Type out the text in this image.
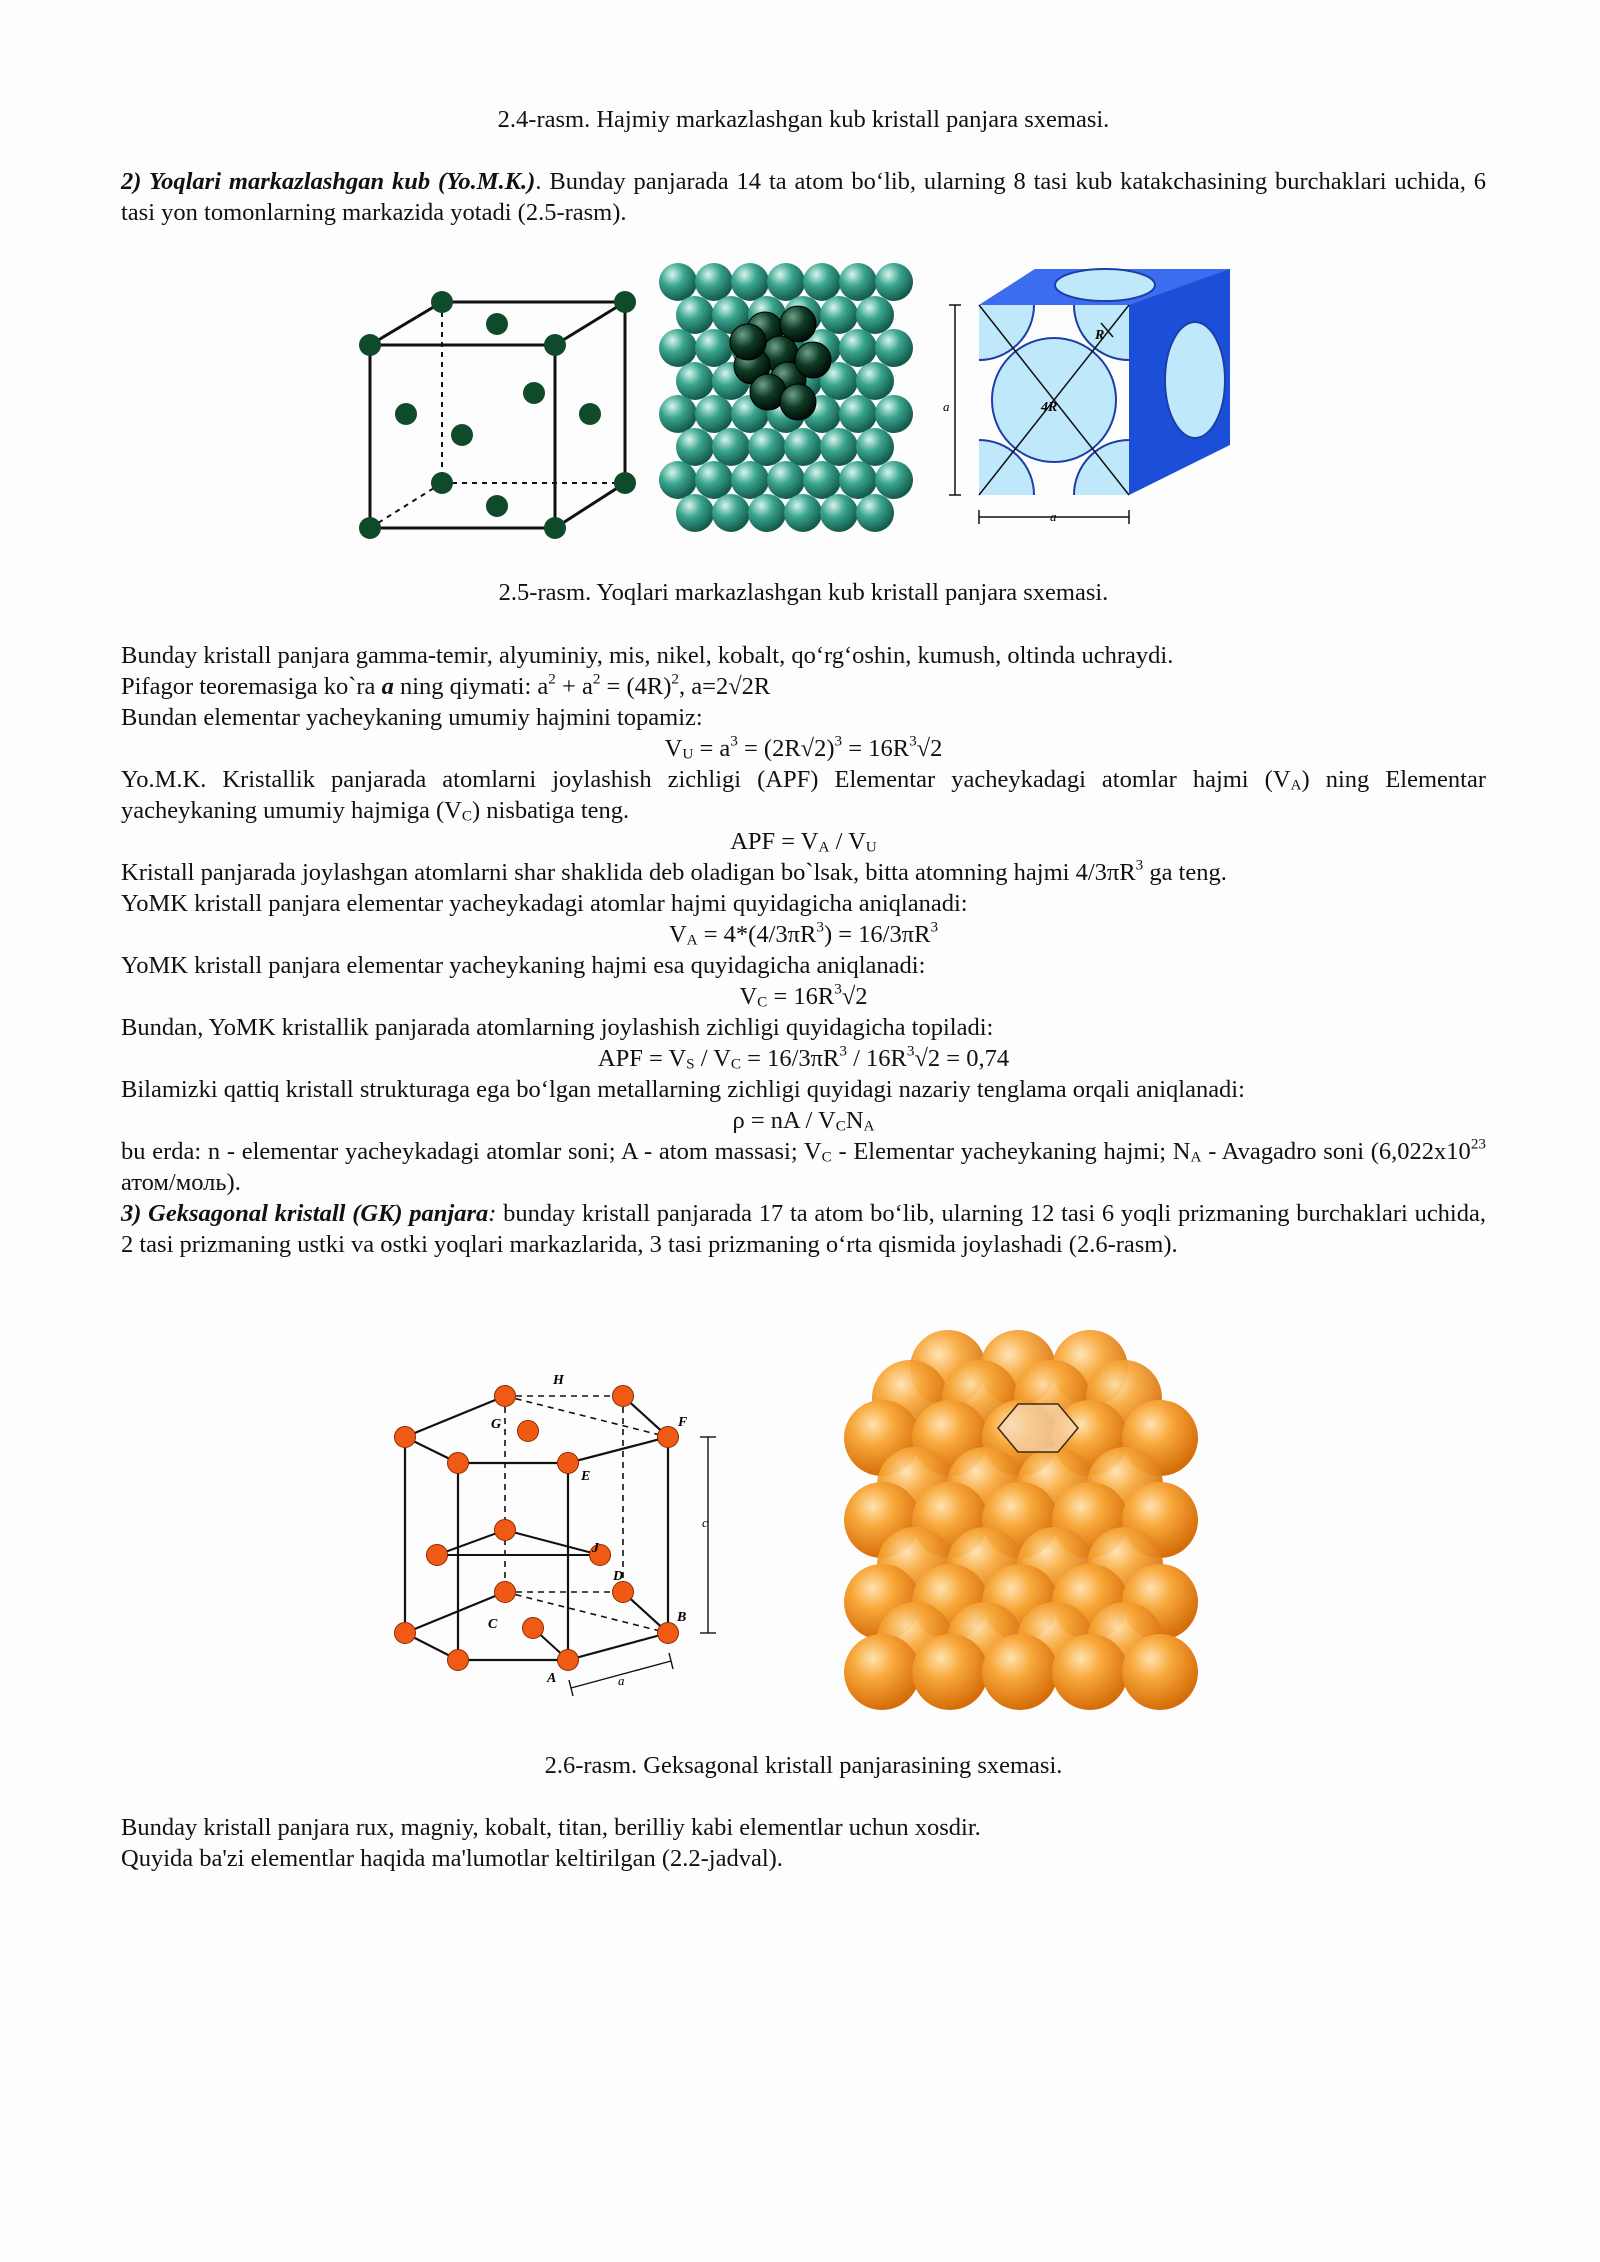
2.4-rasm. Hajmiy markazlashgan kub kristall panjara sxemasi.

2) Yoqlari markazlashgan kub (Yo.M.K.). Bunday panjarada 14 ta atom bo‘lib, ularning 8 tasi kub katakchasining burchaklari uchida, 6 tasi yon tomonlarning markazida yotadi (2.5-rasm).

4R
R
a
a

2.5-rasm. Yoqlari markazlashgan kub kristall panjara sxemasi.

Bunday kristall panjara gamma-temir, alyuminiy, mis, nikel, kobalt, qo‘rg‘oshin, kumush, oltinda uchraydi.

Pifagor teoremasiga ko`ra a ning qiymati: $a^2 + a^2 = (4R)^2$, a=2√2R

Bundan elementar yacheykaning umumiy hajmini topamiz:

$V_U = a^3 = (2R√2)^3 = 16R^3√2$

Yo.M.K. Kristallik panjarada atomlarni joylashish zichligi (APF) Elementar yacheykadagi atomlar hajmi $(V_A)$ ning Elementar yacheykaning umumiy hajmiga $(V_C)$ nisbatiga teng.

APF = $V_A / V_U$

Kristall panjarada joylashgan atomlarni shar shaklida deb oladigan bo`lsak, bitta atomning hajmi $4/3\pi R^3$ ga teng.

YoMK kristall panjara elementar yacheykadagi atomlar hajmi quyidagicha aniqlanadi:

$V_A = 4*(4/3\pi R^3) = 16/3\pi R^3$

YoMK kristall panjara elementar yacheykaning hajmi esa quyidagicha aniqlanadi:

$V_C = 16R^3√2$

Bundan, YoMK kristallik panjarada atomlarning joylashish zichligi quyidagicha topiladi:

APF = $V_S / V_C = 16/3\pi R^3 / 16R^3√2 = 0,74$

Bilamizki qattiq kristall strukturaga ega bo‘lgan metallarning zichligi quyidagi nazariy tenglama orqali aniqlanadi:

ρ = nA / $V_CN_A$

bu erda: n - elementar yacheykadagi atomlar soni; A - atom massasi; $V_C$ - Elementar yacheykaning hajmi; $N_A$ - Avagadro soni ($6,022x10^{23}$ атом/моль).

3) Geksagonal kristall (GK) panjara: bunday kristall panjarada 17 ta atom bo‘lib, ularning 12 tasi 6 yoqli prizmaning burchaklari uchida, 2 tasi prizmaning ustki va ostki yoqlari markazlarida, 3 tasi prizmaning o‘rta qismida joylashadi (2.6-rasm).

H
G	F
E
J
D
B
C
A
c
a

2.6-rasm. Geksagonal kristall panjarasining sxemasi.

Bunday kristall panjara rux, magniy, kobalt, titan, berilliy kabi elementlar uchun xosdir.

Quyida ba'zi elementlar haqida ma'lumotlar keltirilgan (2.2-jadval).
